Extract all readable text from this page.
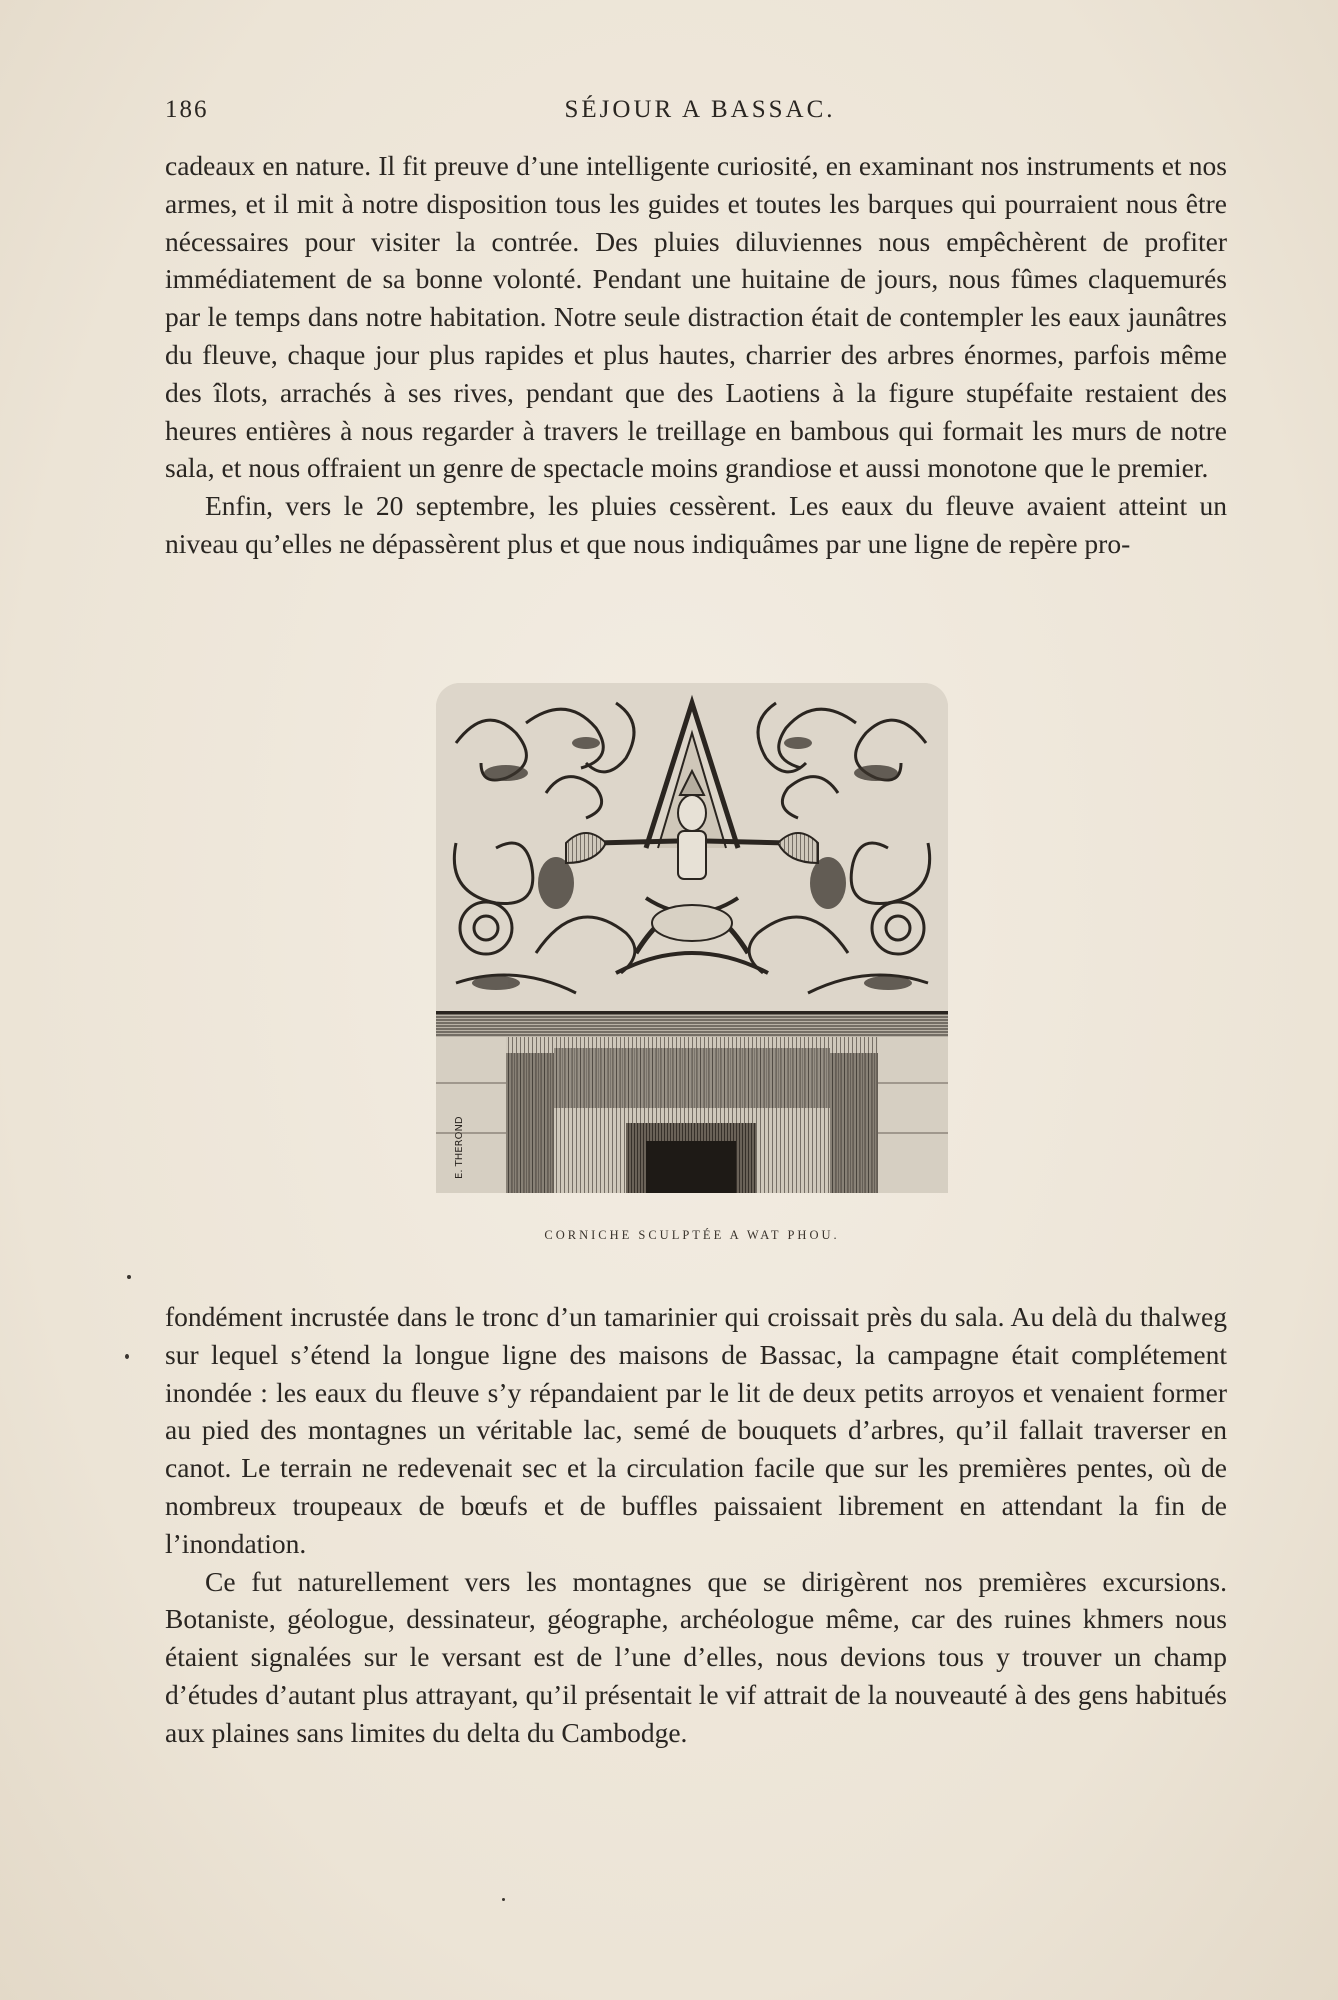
186	SÉJOUR A BASSAC.

cadeaux en nature. Il fit preuve d’une intelligente curiosité, en examinant nos instruments et nos armes, et il mit à notre disposition tous les guides et toutes les barques qui pourraient nous être nécessaires pour visiter la contrée. Des pluies diluviennes nous empêchèrent de profiter immédiatement de sa bonne volonté. Pendant une huitaine de jours, nous fûmes claquemurés par le temps dans notre habitation. Notre seule distraction était de contempler les eaux jaunâtres du fleuve, chaque jour plus rapides et plus hautes, charrier des arbres énormes, parfois même des îlots, arrachés à ses rives, pendant que des Laotiens à la figure stupéfaite restaient des heures entières à nous regarder à travers le treillage en bambous qui formait les murs de notre sala, et nous offraient un genre de spectacle moins grandiose et aussi monotone que le premier.

Enfin, vers le 20 septembre, les pluies cessèrent. Les eaux du fleuve avaient atteint un niveau qu’elles ne dépassèrent plus et que nous indiquâmes par une ligne de repère pro-

E. THEROND
CORNICHE SCULPTÉE A WAT PHOU.

fondément incrustée dans le tronc d’un tamarinier qui croissait près du sala. Au delà du thalweg sur lequel s’étend la longue ligne des maisons de Bassac, la campagne était complétement inondée : les eaux du fleuve s’y répandaient par le lit de deux petits arroyos et venaient former au pied des montagnes un véritable lac, semé de bouquets d’arbres, qu’il fallait traverser en canot. Le terrain ne redevenait sec et la circulation facile que sur les premières pentes, où de nombreux troupeaux de bœufs et de buffles paissaient librement en attendant la fin de l’inondation.

Ce fut naturellement vers les montagnes que se dirigèrent nos premières excursions. Botaniste, géologue, dessinateur, géographe, archéologue même, car des ruines khmers nous étaient signalées sur le versant est de l’une d’elles, nous devions tous y trouver un champ d’études d’autant plus attrayant, qu’il présentait le vif attrait de la nouveauté à des gens habitués aux plaines sans limites du delta du Cambodge.
